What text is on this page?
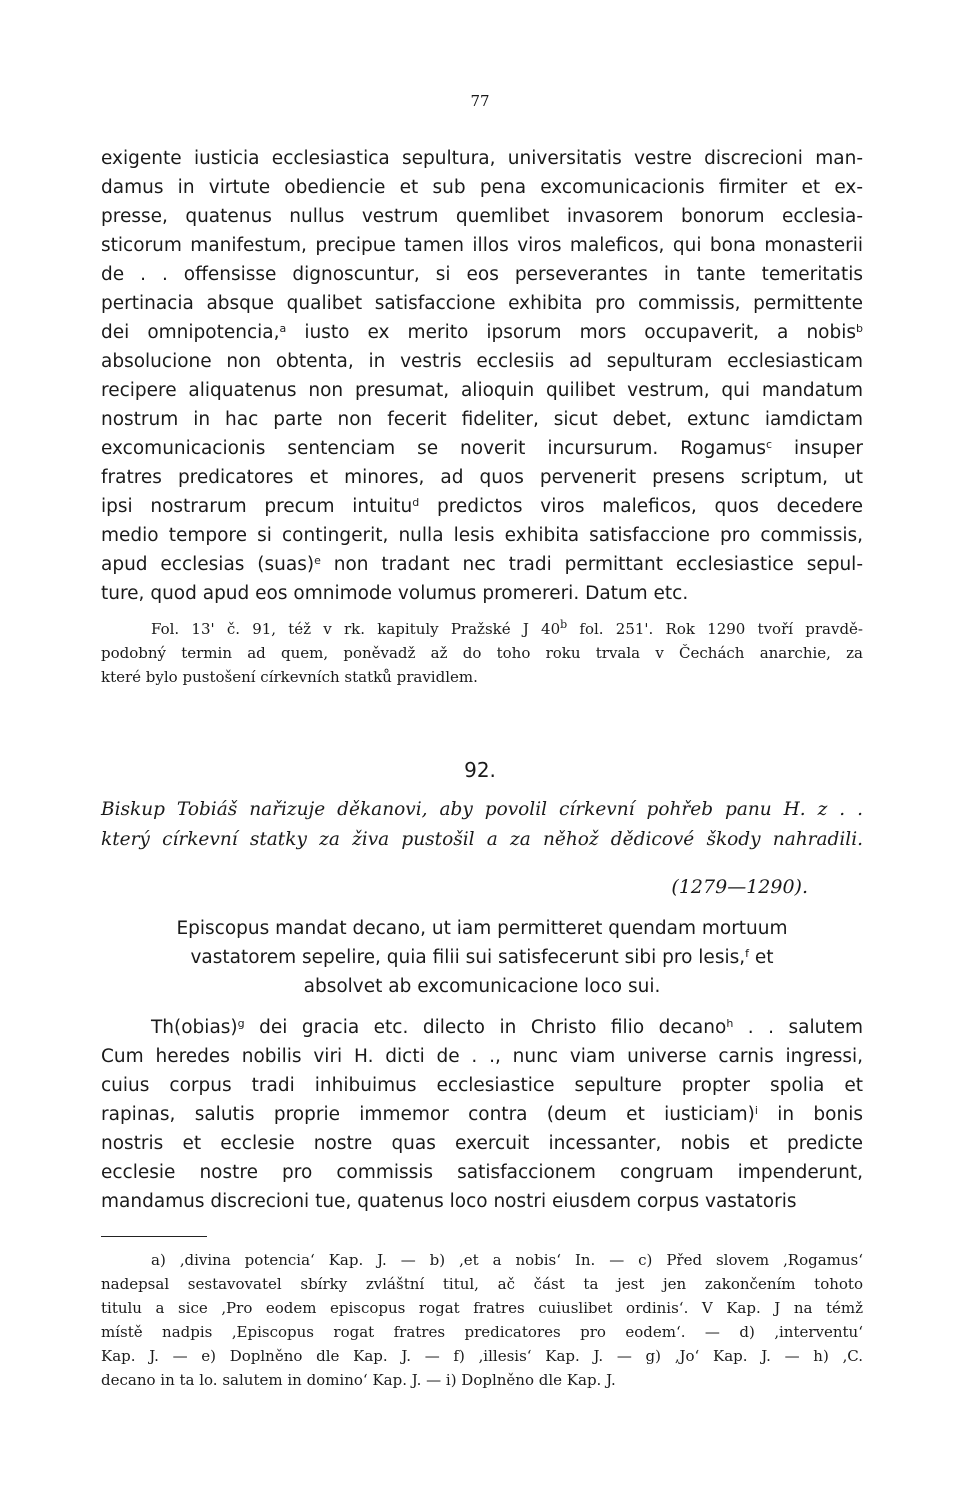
77
exigente iusticia ecclesiastica sepultura, universitatis vestre discrecioni man-
damus in virtute obediencie et sub pena excomunicacionis firmiter et ex-
presse, quatenus nullus vestrum quemlibet invasorem bonorum ecclesia-
sticorum manifestum, precipue tamen illos viros maleficos, qui bona monasterii
de . . offensisse dignoscuntur, si eos perseverantes in tante temeritatis
pertinacia absque qualibet satisfaccione exhibita pro commissis, permittente
dei omnipotencia,$^a$ iusto ex merito ipsorum mors occupaverit, a nobis$^b$
absolucione non obtenta, in vestris ecclesiis ad sepulturam ecclesiasticam
recipere aliquatenus non presumat, alioquin quilibet vestrum, qui mandatum
nostrum in hac parte non fecerit fideliter, sicut debet, extunc iamdictam
excomunicacionis sentenciam se noverit incursurum. Rogamus$^c$ insuper
fratres predicatores et minores, ad quos pervenerit presens scriptum, ut
ipsi nostrarum precum intuitu$^d$ predictos viros maleficos, quos decedere
medio tempore si contingerit, nulla lesis exhibita satisfaccione pro commissis,
apud ecclesias (suas)$^e$ non tradant nec tradi permittant ecclesiastice sepul-
ture, quod apud eos omnimode volumus promereri. Datum etc.
Fol. 13' č. 91, též v rk. kapituly Pražské J 40$^b$ fol. 251'. Rok 1290 tvoří pravdě-
podobný termin ad quem, poněvadž až do toho roku trvala v Čechách anarchie, za
které bylo pustošení církevních statků pravidlem.
92.
Biskup Tobiáš nařizuje děkanovi, aby povolil církevní pohřeb panu H. z . .
který církevní statky za živa pustošil a za něhož dědicové škody nahradili.
(1279—1290).
Episcopus mandat decano, ut iam permitteret quendam mortuum
vastatorem sepelire, quia filii sui satisfecerunt sibi pro lesis,$^f$ et
absolvet ab excomunicacione loco sui.
Th(obias)$^g$ dei gracia etc. dilecto in Christo filio decano$^h$ . . salutem
Cum heredes nobilis viri H. dicti de . ., nunc viam universe carnis ingressi,
cuius corpus tradi inhibuimus ecclesiastice sepulture propter spolia et
rapinas, salutis proprie immemor contra (deum et iusticiam)$^i$ in bonis
nostris et ecclesie nostre quas exercuit incessanter, nobis et predicte
ecclesie nostre pro commissis satisfaccionem congruam impenderunt,
mandamus discrecioni tue, quatenus loco nostri eiusdem corpus vastatoris
a) ‚divina potencia‘ Kap. J. — b) ‚et a nobis‘ In. — c) Před slovem ‚Rogamus‘
nadepsal sestavovatel sbírky zvláštní titul, ač část ta jest jen zakončením tohoto
titulu a sice ‚Pro eodem episcopus rogat fratres cuiuslibet ordinis‘. V Kap. J na témž
místě nadpis ‚Episcopus rogat fratres predicatores pro eodem‘. — d) ‚interventu‘
Kap. J. — e) Doplněno dle Kap. J. — f) ‚illesis‘ Kap. J. — g) ‚Jo‘ Kap. J. — h) ‚C.
decano in ta lo. salutem in domino‘ Kap. J. — i) Doplněno dle Kap. J.
